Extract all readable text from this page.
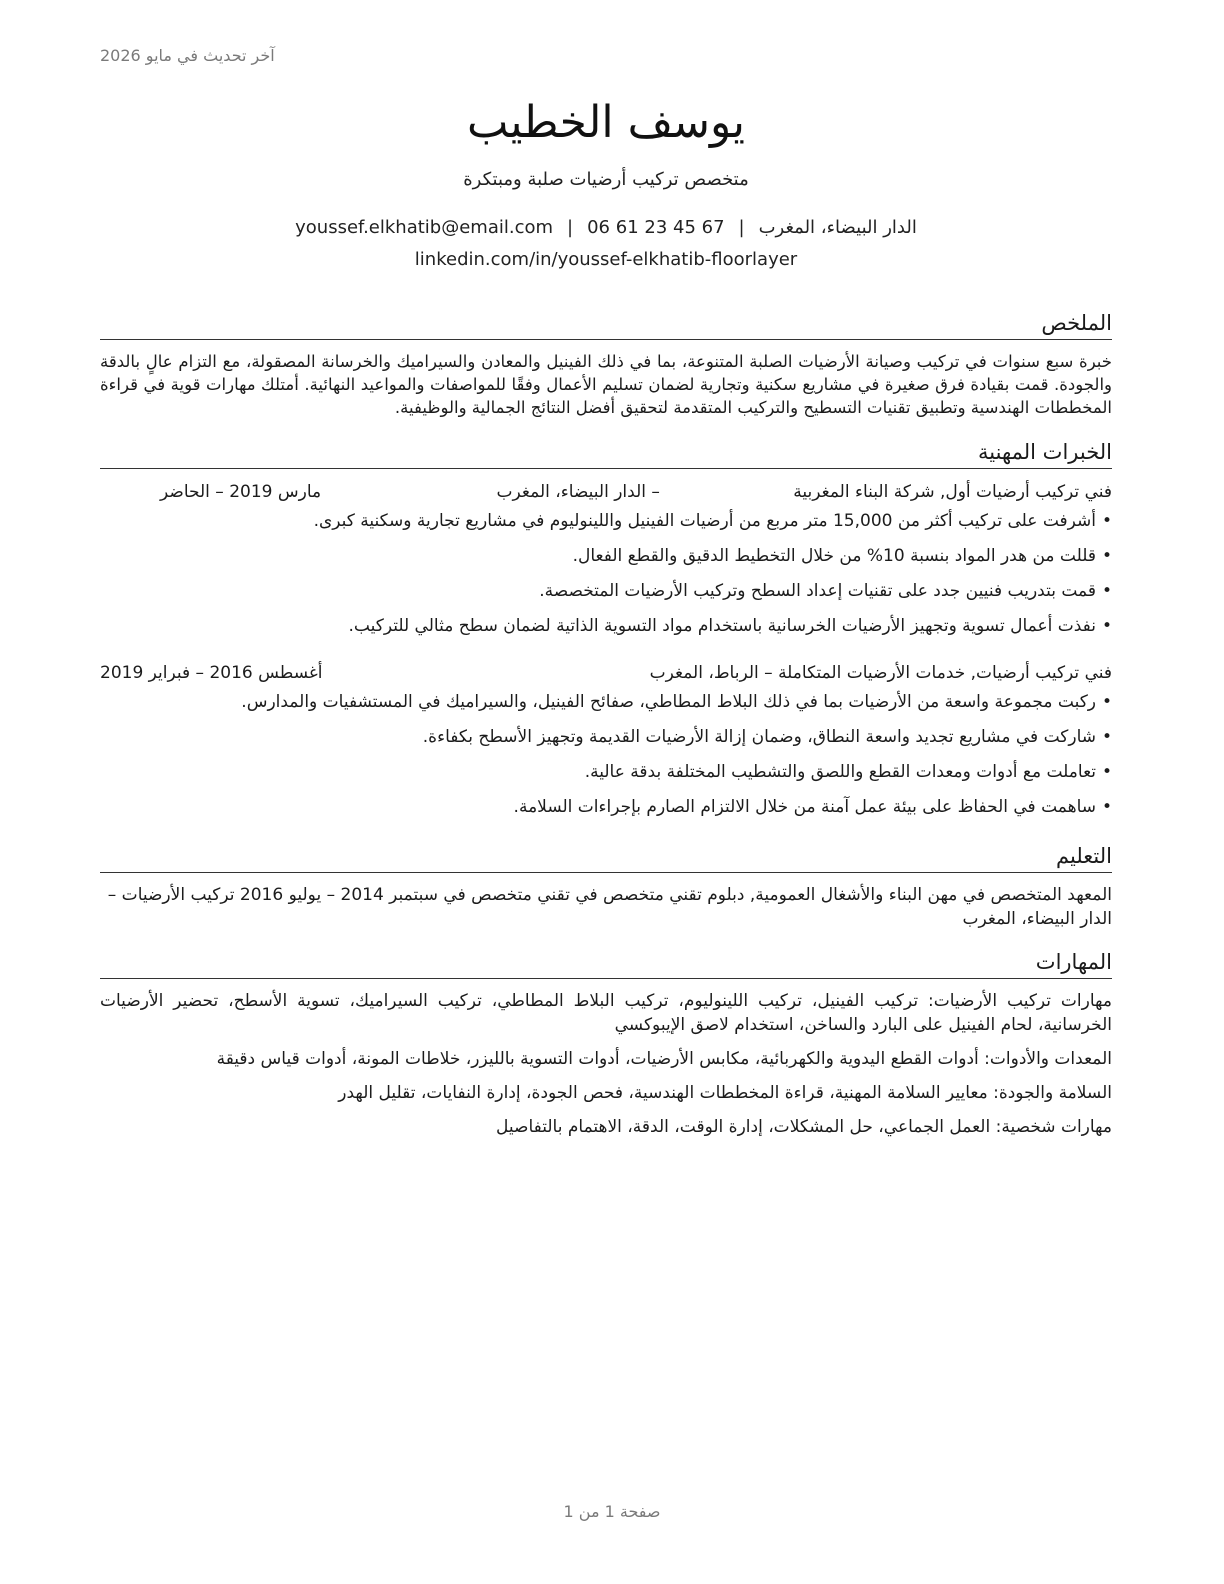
آخر تحديث في مايو 2026
يوسف الخطيب
متخصص تركيب أرضيات صلبة ومبتكرة
الدار البيضاء، المغرب|youssef.elkhatib@email.com | 06 61 23 45 67
linkedin.com/in/youssef-elkhatib-floorlayer
الملخص

خبرة سبع سنوات في تركيب وصيانة الأرضيات الصلبة المتنوعة، بما في ذلك الفينيل والمعادن والسيراميك والخرسانة المصقولة، مع التزام عالٍ بالدقة والجودة. قمت بقيادة فرق صغيرة في مشاريع سكنية وتجارية لضمان تسليم الأعمال وفقًا للمواصفات والمواعيد النهائية. أمتلك مهارات قوية في قراءة المخططات الهندسية وتطبيق تقنيات التسطيح والتركيب المتقدمة لتحقيق أفضل النتائج الجمالية والوظيفية.

الخبرات المهنية
فني تركيب أرضيات أول, شركة البناء المغربية – الدار البيضاء، المغرب
مارس 2019 – الحاضر
•
أشرفت على تركيب أكثر من 15,000 متر مربع من أرضيات الفينيل واللينوليوم في مشاريع تجارية وسكنية كبرى.
•
قللت من هدر المواد بنسبة 10% من خلال التخطيط الدقيق والقطع الفعال.
•
قمت بتدريب فنيين جدد على تقنيات إعداد السطح وتركيب الأرضيات المتخصصة.
•
نفذت أعمال تسوية وتجهيز الأرضيات الخرسانية باستخدام مواد التسوية الذاتية لضمان سطح مثالي للتركيب.
فني تركيب أرضيات, خدمات الأرضيات المتكاملة – الرباط، المغرب
أغسطس 2016 – فبراير 2019
•
ركبت مجموعة واسعة من الأرضيات بما في ذلك البلاط المطاطي، صفائح الفينيل، والسيراميك في المستشفيات والمدارس.
•
شاركت في مشاريع تجديد واسعة النطاق، وضمان إزالة الأرضيات القديمة وتجهيز الأسطح بكفاءة.
•
تعاملت مع أدوات ومعدات القطع واللصق والتشطيب المختلفة بدقة عالية.
•
ساهمت في الحفاظ على بيئة عمل آمنة من خلال الالتزام الصارم بإجراءات السلامة.
التعليم

المعهد المتخصص في مهن البناء والأشغال العمومية, دبلوم تقني متخصص في تقني متخصص في سبتمبر 2014 – يوليو 2016 تركيب الأرضيات – الدار البيضاء، المغرب

المهارات

مهارات تركيب الأرضيات: تركيب الفينيل، تركيب اللينوليوم، تركيب البلاط المطاطي، تركيب السيراميك، تسوية الأسطح، تحضير الأرضيات الخرسانية، لحام الفينيل على البارد والساخن، استخدام لاصق الإيبوكسي

المعدات والأدوات: أدوات القطع اليدوية والكهربائية، مكابس الأرضيات، أدوات التسوية بالليزر، خلاطات المونة، أدوات قياس دقيقة

السلامة والجودة: معايير السلامة المهنية، قراءة المخططات الهندسية، فحص الجودة، إدارة النفايات، تقليل الهدر

مهارات شخصية: العمل الجماعي، حل المشكلات، إدارة الوقت، الدقة، الاهتمام بالتفاصيل

صفحة 1 من 1
